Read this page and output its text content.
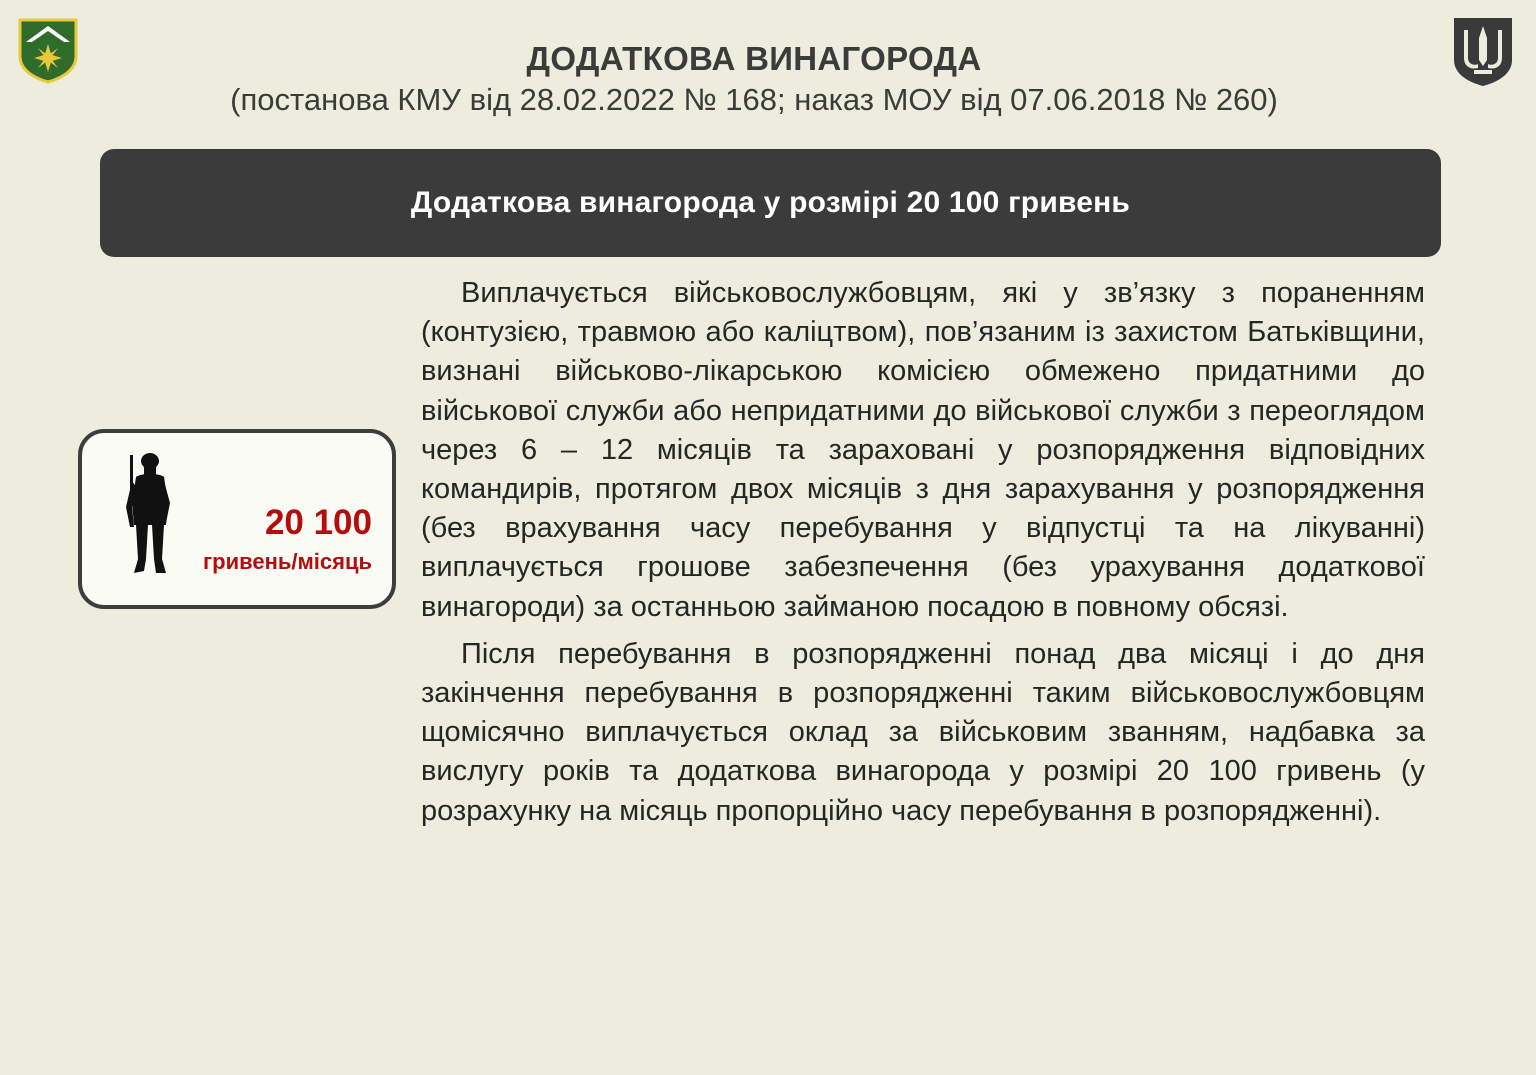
ДОДАТКОВА ВИНАГОРОДА
(постанова КМУ від 28.02.2022 № 168; наказ МОУ від 07.06.2018 № 260)
Додаткова винагорода у розмірі 20 100 гривень
20 100
гривень/місяць

Виплачується військовослужбовцям, які у зв’язку з пораненням (контузією, травмою або каліцтвом), пов’язаним із захистом Батьківщини, визнані військово-лікарською комісією обмежено придатними до військової служби або непридатними до військової служби з переоглядом через 6 – 12 місяців та зараховані у розпорядження відповідних командирів, протягом двох місяців з дня зарахування у розпорядження (без врахування часу перебування у відпустці та на лікуванні) виплачується грошове забезпечення (без урахування додаткової винагороди) за останньою займаною посадою в повному обсязі.

Після перебування в розпорядженні понад два місяці і до дня закінчення перебування в розпорядженні таким військовослужбовцям щомісячно виплачується оклад за військовим званням, надбавка за вислугу років та додаткова винагорода у розмірі 20 100 гривень (у розрахунку на місяць пропорційно часу перебування в розпорядженні).
